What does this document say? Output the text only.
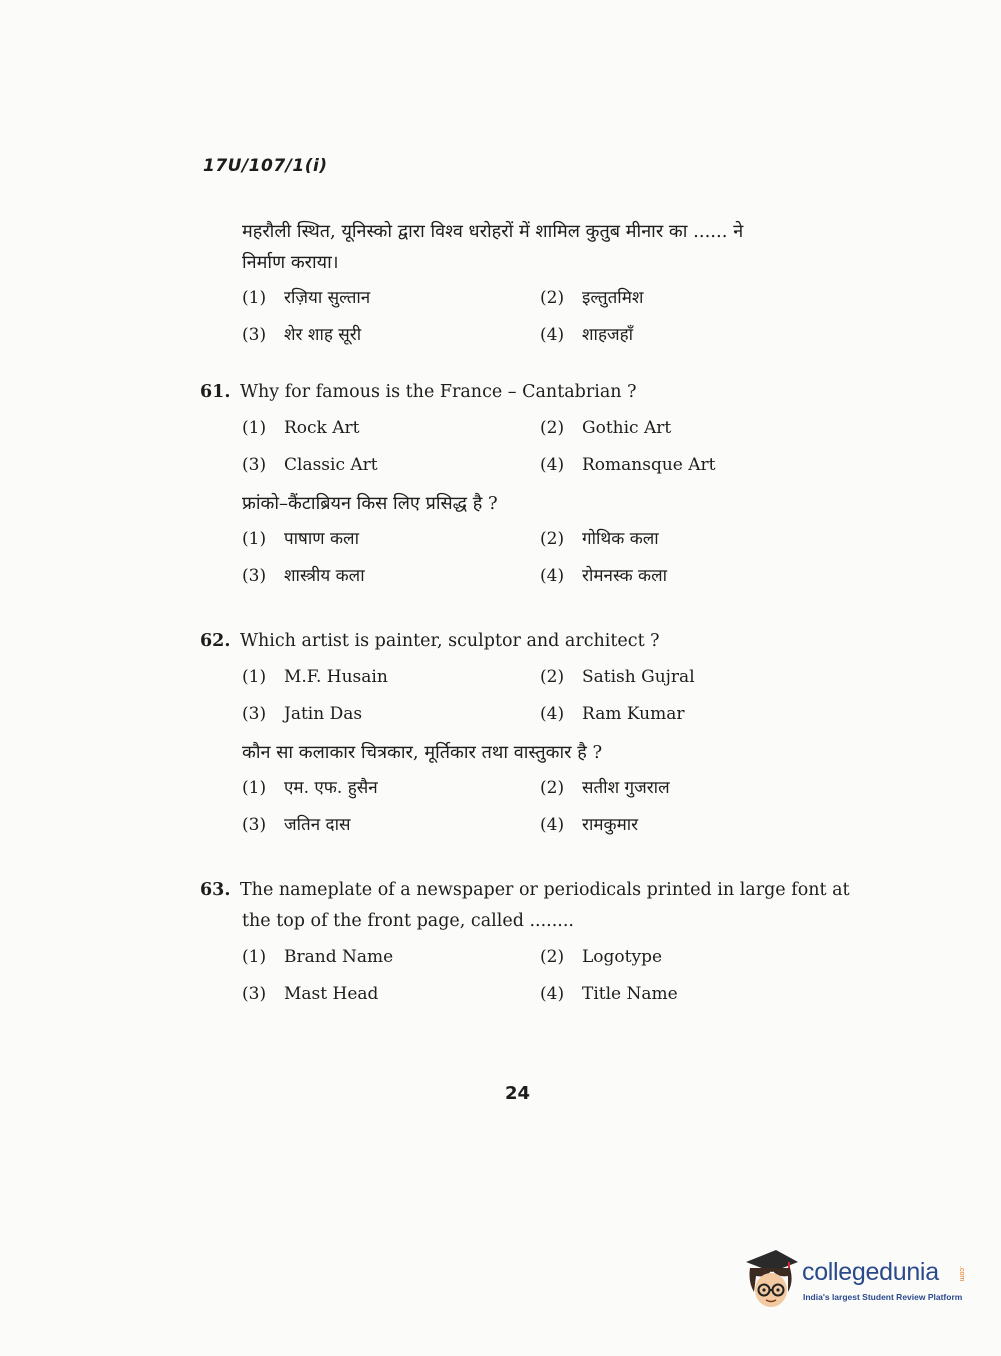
17U/107/1(i)
महरौली स्थित, यूनिस्को द्वारा विश्व धरोहरों में शामिल कुतुब मीनार का ...... ने
निर्माण कराया।
(1) रज़िया सुल्तान	(2) इल्तुतमिश
(3) शेर शाह सूरी	(4) शाहजहाँ
61. Why for famous is the France – Cantabrian ?
(1) Rock Art	(2) Gothic Art
(3) Classic Art	(4) Romansque Art
फ्रांको–कैंटाब्रियन किस लिए प्रसिद्ध है ?
(1) पाषाण कला	(2) गोथिक कला
(3) शास्त्रीय कला	(4) रोमनस्क कला
62. Which artist is painter, sculptor and architect ?
(1) M.F. Husain	(2) Satish Gujral
(3) Jatin Das	(4) Ram Kumar
कौन सा कलाकार चित्रकार, मूर्तिकार तथा वास्तुकार है ?
(1) एम. एफ. हुसैन	(2) सतीश गुजराल
(3) जतिन दास	(4) रामकुमार
63. The nameplate of a newspaper or periodicals printed in large font at
the top of the front page, called ........
(1) Brand Name	(2) Logotype
(3) Mast Head	(4) Title Name
24
collegedunia	.com
India's largest Student Review Platform
